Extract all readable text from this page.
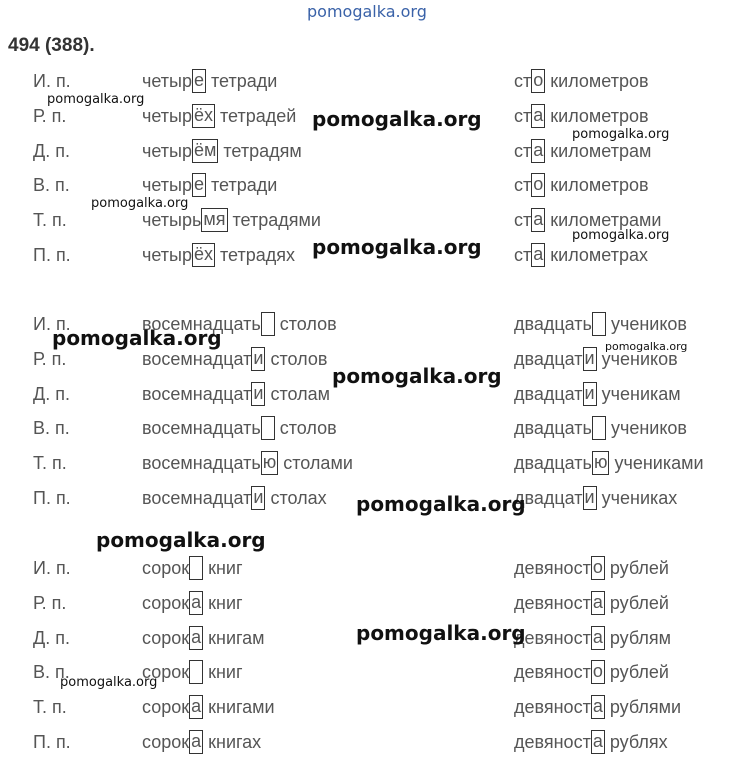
pomogalka.org
494 (388).
И. п.	четыр е тетради	ст о километров
Р. п.	четыр ёх тетрадей	ст а километров
Д. п.	четыр ём тетрадям	ст а километрам
В. п.	четыр е тетради	ст о километров
Т. п.	четырь мя тетрадями	ст а километрами
П. п.	четыр ёх тетрадях	ст а километрах
И. п.	восемнадцать столов	двадцать учеников
Р. п.	восемнадцат и столов	двадцат и учеников
Д. п.	восемнадцат и столам	двадцат и ученикам
В. п.	восемнадцать столов	двадцать учеников
Т. п.	восемнадцать ю столами	двадцать ю учениками
П. п.	восемнадцат и столах	двадцат и учениках
И. п.	сорок книг	девяност о рублей
Р. п.	сорок а книг	девяност а рублей
Д. п.	сорок а книгам	девяност а рублям
В. п.	сорок книг	девяност о рублей
Т. п.	сорок а книгами	девяност а рублями
П. п.	сорок а книгах	девяност а рублях
pomogalka.org
pomogalka.org
pomogalka.org
pomogalka.org
pomogalka.org
pomogalka.org
pomogalka.org	pomogalka.org
pomogalka.org
pomogalka.org
pomogalka.org
pomogalka.org
pomogalka.org
